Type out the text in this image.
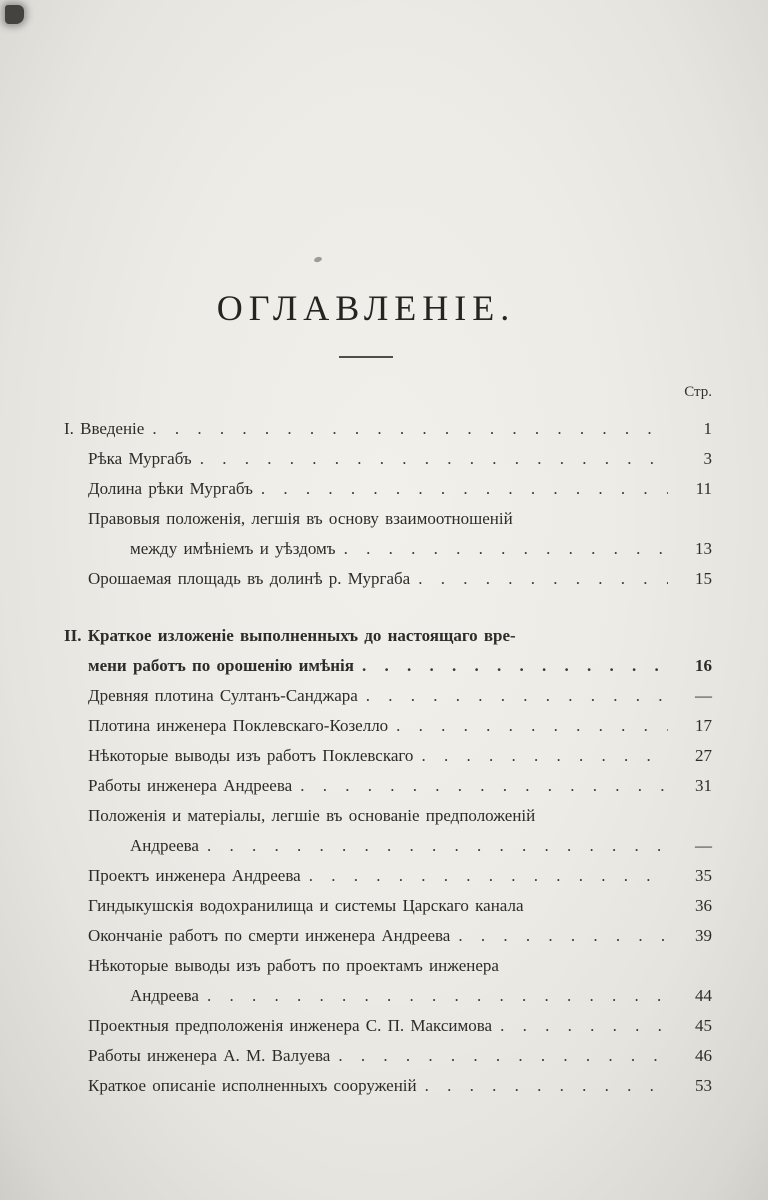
ОГЛАВЛЕНІЕ.
Стр.
I. Введеніе . . .	1
Рѣка Мургабъ . . .	3
Долина рѣки Мургабъ . . .	11
Правовыя положенія, легшія въ основу взаимоотношеній
между имѣніемъ и уѣздомъ . . .	13
Орошаемая площадь въ долинѣ р. Мургаба . . .	15
II. Краткое изложеніе выполненныхъ до настоящаго вре-
мени работъ по орошенію имѣнія . . .	16
Древняя плотина Султанъ-Санджара . . .	—
Плотина инженера Поклевскаго-Козелло . . .	17
Нѣкоторые выводы изъ работъ Поклевскаго . . .	27
Работы инженера Андреева . . .	31
Положенія и матеріалы, легшіе въ основаніе предположеній
Андреева . . .	—
Проектъ инженера Андреева . . .	35
Гиндыкушскія водохранилища и системы Царскаго канала	36
Окончаніе работъ по смерти инженера Андреева . . .	39
Нѣкоторые выводы изъ работъ по проектамъ инженера
Андреева . . .	44
Проектныя предположенія инженера С. П. Максимова . . .	45
Работы инженера А. М. Валуева . . .	46
Краткое описаніе исполненныхъ сооруженій . . .	53
